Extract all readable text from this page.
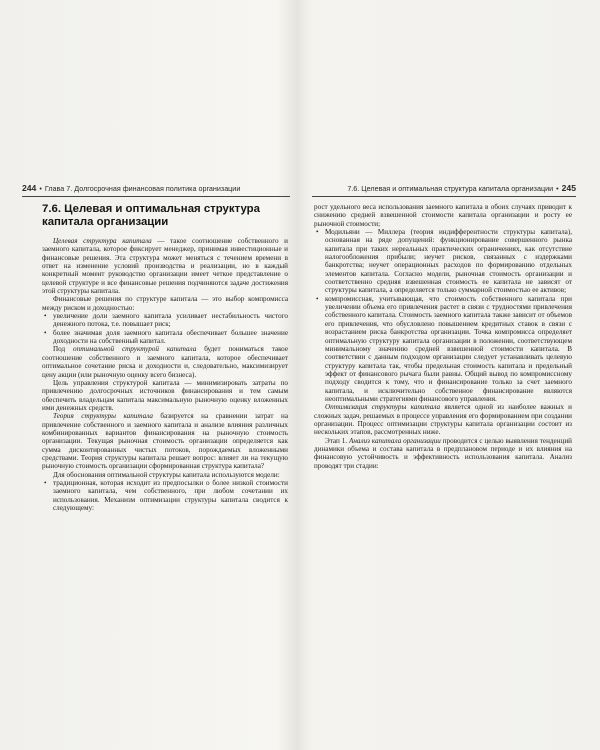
244 • Глава 7. Долгосрочная финансовая политика организации	7.6. Целевая и оптимальная структура капитала организации • 245
7.6. Целевая и оптимальная структура
капитала организации

Целевая структура капитала — такое соотношение собственного и заемного капитала, которое фиксирует менеджер, принимая инвестиционные и финансовые решения. Эта структура может меняться с течением времени в ответ на изменение условий производства и реализации, но в каждый конкретный момент руководство организации имеет четкое представление о целевой структуре и все финансовые решения подчиняются задаче достижения этой структуры капитала.

Финансовые решения по структуре капитала — это выбор компромисса между риском и доходностью:

• увеличение доли заемного капитала усиливает нестабильность чистого денежного потока, т.е. повышает риск;
• более значимая доля заемного капитала обеспечивает большее значение доходности на собственный капитал.

Под оптимальной структурой капитала будет пониматься такое соотношение собственного и заемного капитала, которое обеспечивает оптимальное сочетание риска и доходности и, следовательно, максимизирует цену акции (или рыночную оценку всего бизнеса).

Цель управления структурой капитала — минимизировать затраты по привлечению долгосрочных источников финансирования и тем самым обеспечить владельцам капитала максимальную рыночную оценку вложенных ими денежных средств.

Теория структуры капитала базируется на сравнении затрат на привлечение собственного и заемного капитала и анализе влияния различных комбинированных вариантов финансирования на рыночную стоимость организации. Текущая рыночная стоимость организации определяется как сумма дисконтированных чистых потоков, порождаемых вложенными средствами. Теория структуры капитала решает вопрос: влияет ли на текущую рыночную стоимость организации сформированная структура капитала?

Для обоснования оптимальной структуры капитала используются модели:

• традиционная, которая исходит из предпосылки о более низкой стоимости заемного капитала, чем собственного, при любом сочетании их использования. Механизм оптимизации структуры капитала сводится к следующему:

рост удельного веса использования заемного капитала в обоих случаях приводит к снижению средней взвешенной стоимости капитала организации и росту ее рыночной стоимости;

• Модильяни — Миллера (теория индифферентности структуры капитала), основанная на ряде допущений: функционирование совершенного рынка капитала при таких нереальных практических ограничениях, как отсутствие налогообложения прибыли; неучет рисков, связанных с издержками банкротства; неучет операционных расходов по формированию отдельных элементов капитала. Согласно модели, рыночная стоимость организации и соответственно средняя взвешенная стоимость ее капитала не зависят от структуры капитала, а определяется только суммарной стоимостью ее активов;
• компромиссная, учитывающая, что стоимость собственного капитала при увеличении объема его привлечения растет в связи с трудностями привлечения собственного капитала. Стоимость заемного капитала также зависит от объемов его привлечения, что обусловлено повышением кредитных ставок в связи с возрастанием риска банкротства организации. Точка компромисса определяет оптимальную структуру капитала организации в положении, соответствующем минимальному значению средней взвешенной стоимости капитала. В соответствии с данным подходом организации следует устанавливать целевую структуру капитала так, чтобы предельная стоимость капитала и предельный эффект от финансового рычага были равны. Общий вывод по компромиссному подходу сводится к тому, что и финансирование только за счет заемного капитала, и исключительно собственное финансирование являются неоптимальными стратегиями финансового управления.

Оптимизация структуры капитала является одной из наиболее важных и сложных задач, решаемых в процессе управления его формированием при создании организации. Процесс оптимизации структуры капитала организации состоит из нескольких этапов, рассмотренных ниже.

Этап 1. Анализ капитала организации проводится с целью выявления тенденций динамики объема и состава капитала в предплановом периоде и их влияния на финансовую устойчивость и эффективность использования капитала. Анализ проводят три стадии:
